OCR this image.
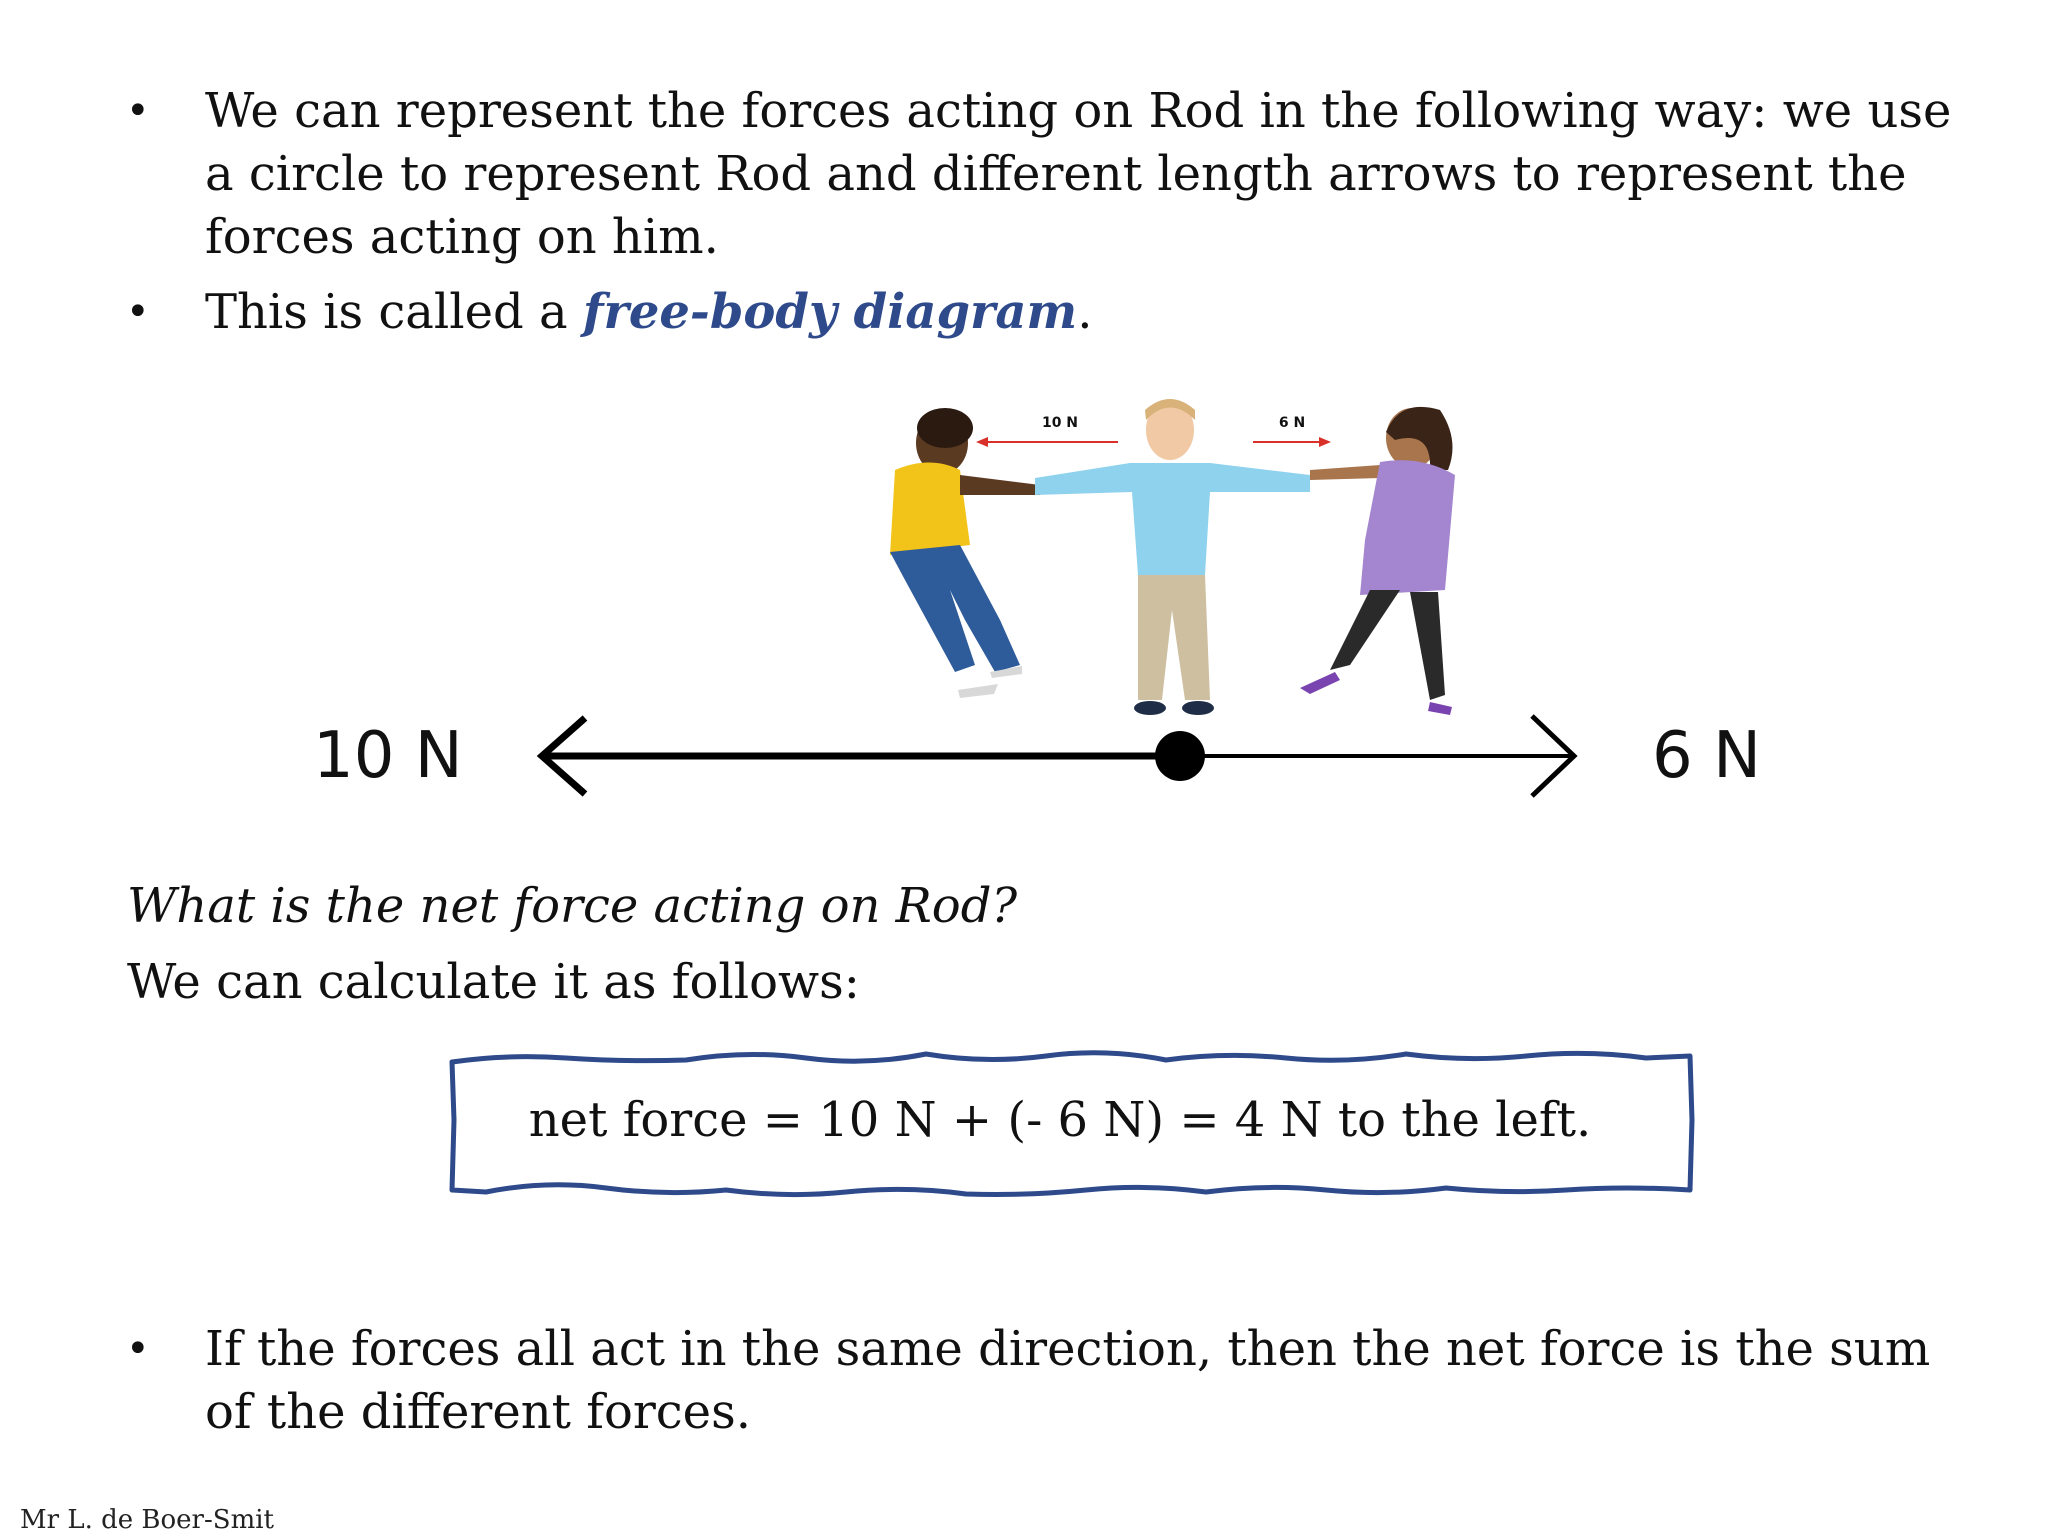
• We can represent the forces acting on Rod in the following way: we use a circle to represent Rod and different length arrows to represent the forces acting on him.
• This is called a free-body diagram.
10 N	6 N
10 N	6 N
What is the net force acting on Rod?
We can calculate it as follows:
net force = 10 N + (- 6 N) = 4 N to the left.
• If the forces all act in the same direction, then the net force is the sum of the different forces.
Mr L. de Boer-Smit
